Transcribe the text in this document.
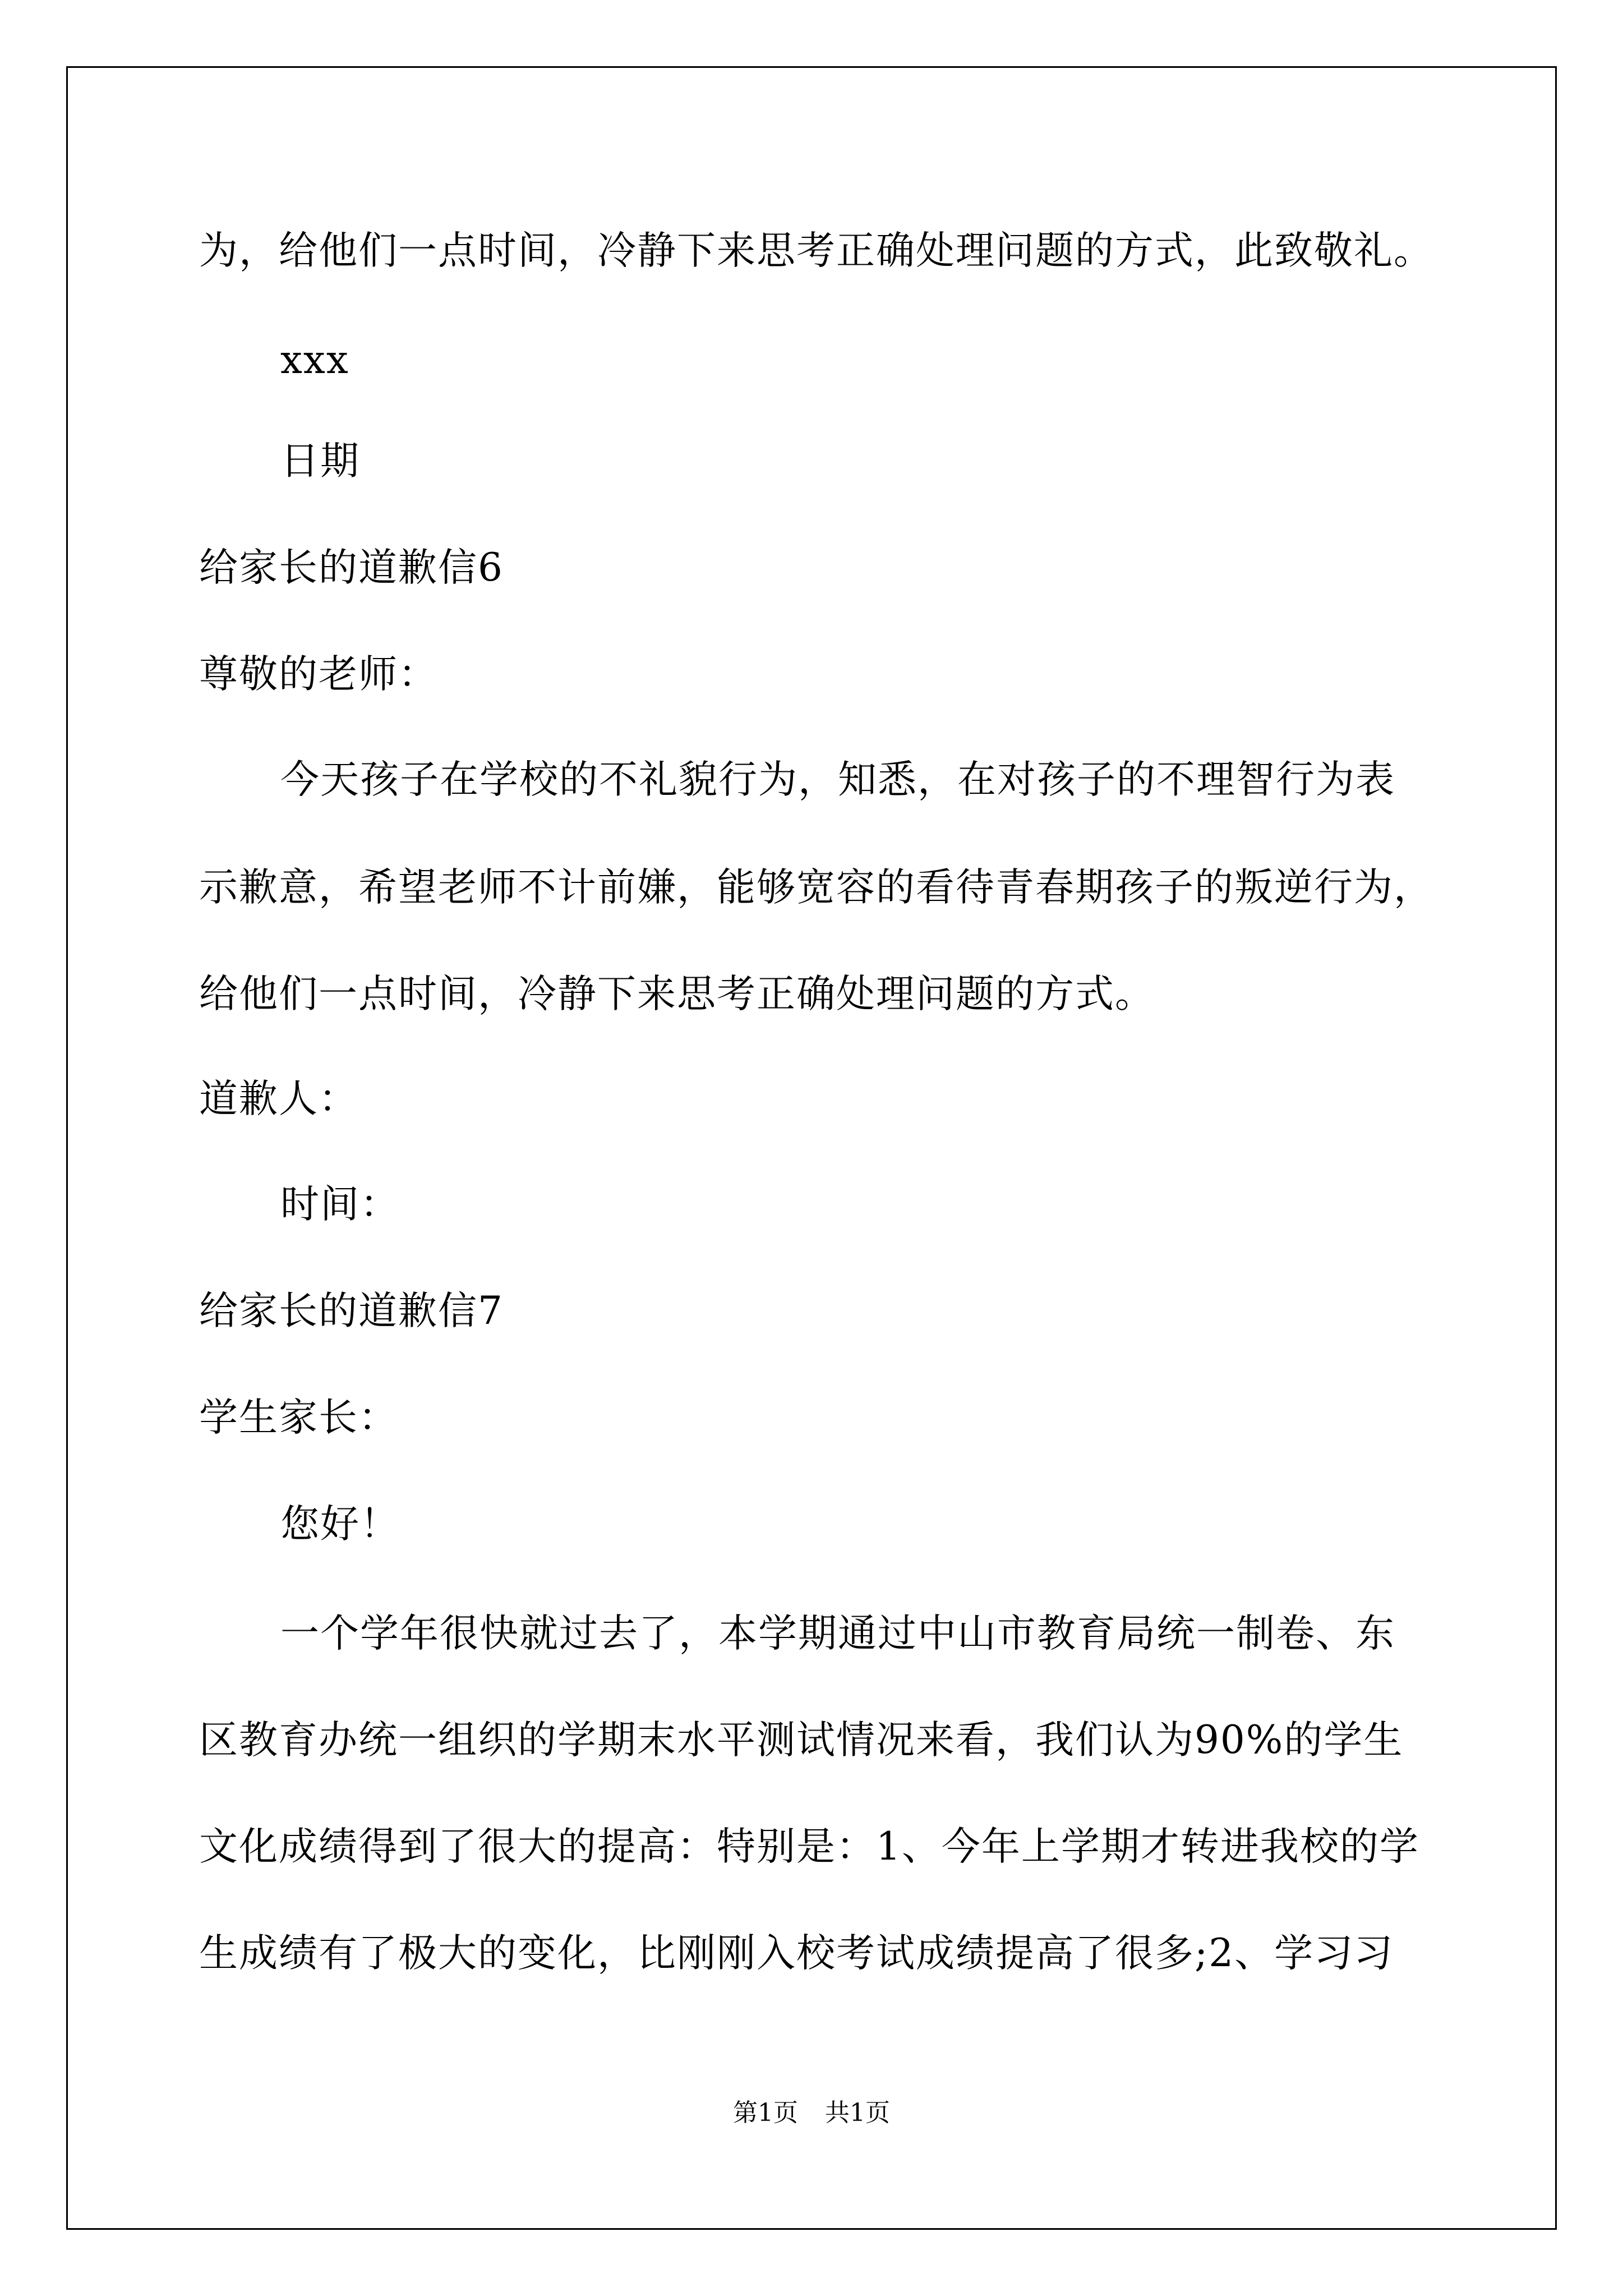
为，给他们一点时间，冷静下来思考正确处理问题的方式，此致敬礼。
xxx
日期
给家长的道歉信6
尊敬的老师：
今天孩子在学校的不礼貌行为，知悉，在对孩子的不理智行为表
示歉意，希望老师不计前嫌，能够宽容的看待青春期孩子的叛逆行为，
给他们一点时间，冷静下来思考正确处理问题的方式。
道歉人：
时间：
给家长的道歉信7
学生家长：
您好！
一个学年很快就过去了，本学期通过中山市教育局统一制卷、东
区教育办统一组织的学期末水平测试情况来看，我们认为90%的学生
文化成绩得到了很大的提高：特别是：1、今年上学期才转进我校的学
生成绩有了极大的变化，比刚刚入校考试成绩提高了很多;2、学习习
第1页 共1页
